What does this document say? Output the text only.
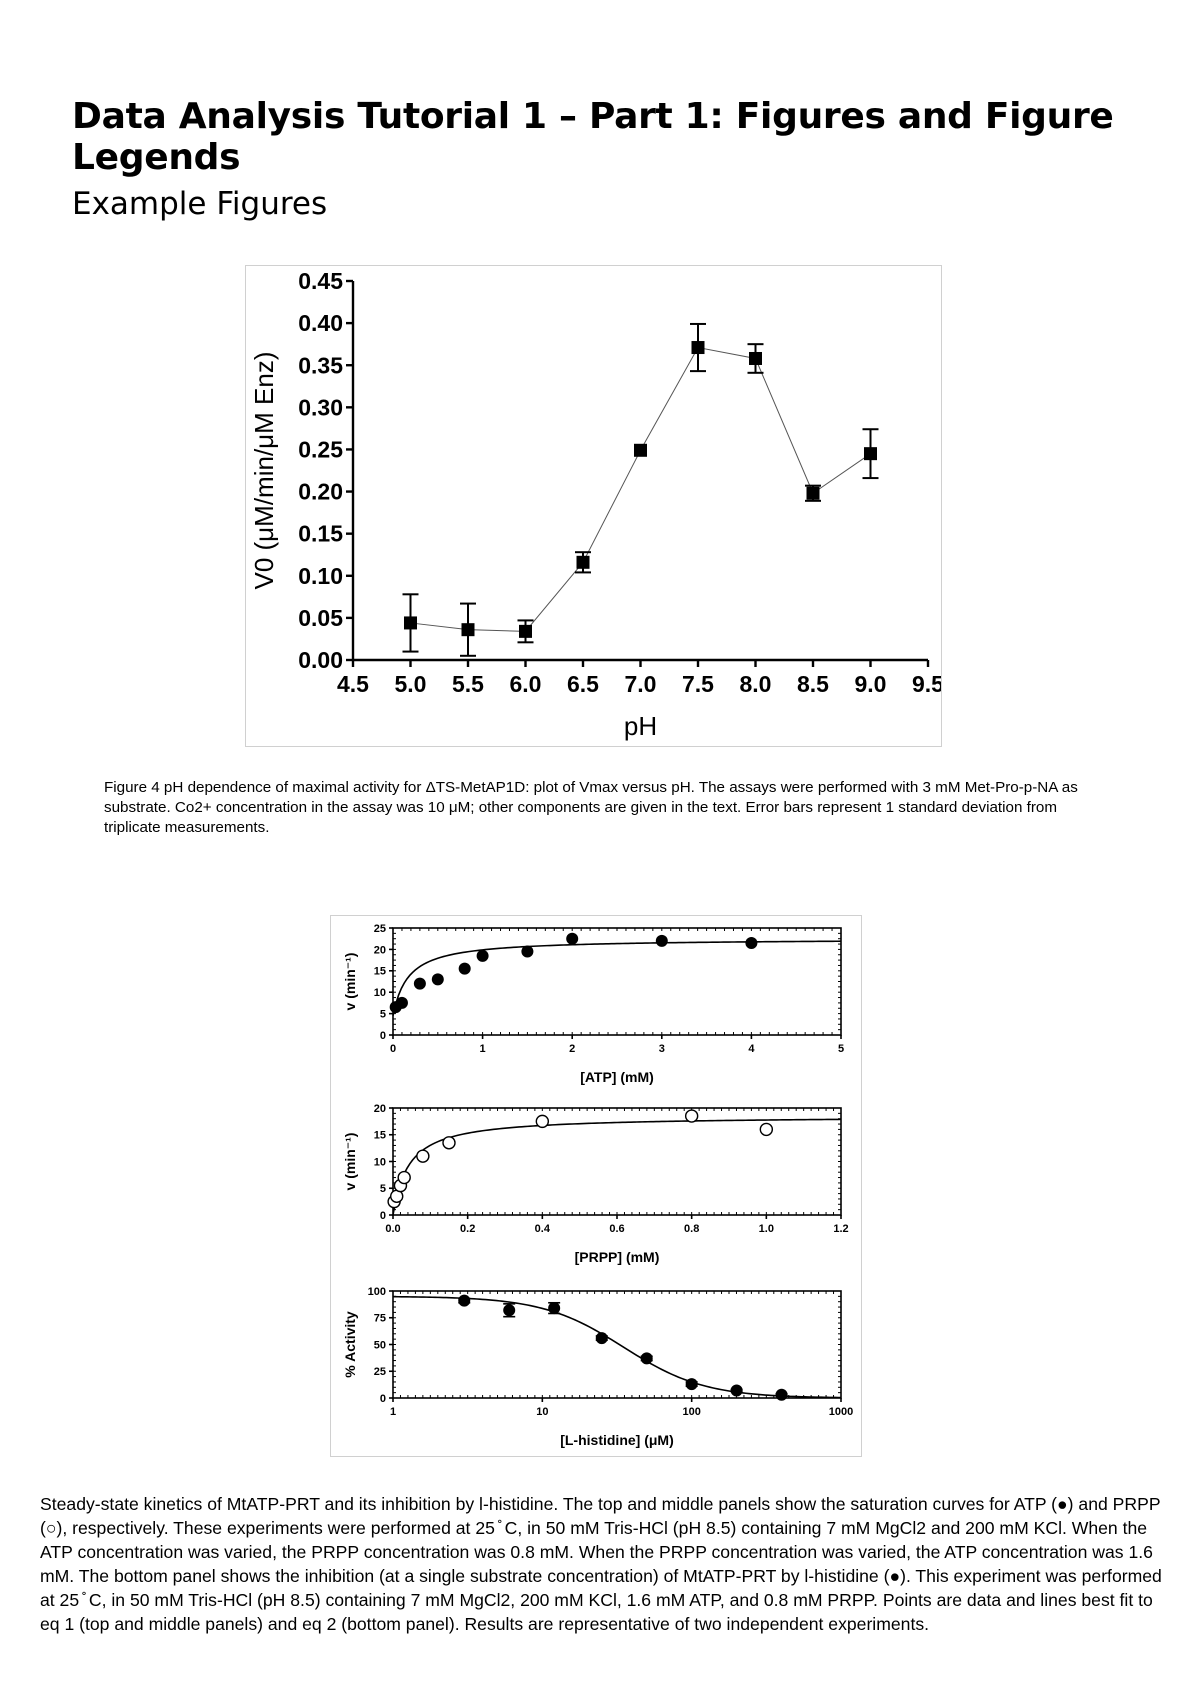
Data Analysis Tutorial 1 – Part 1: Figures and Figure Legends
Example Figures
0.00
0.05
0.10
0.15
0.20
0.25
0.30
0.35
0.40
0.45
4.5 5.0 5.5 6.0 6.5 7.0 7.5 8.0 8.5 9.0 9.5
pH
V0 (μM/min/μM Enz)

Figure 4 pH dependence of maximal activity for ΔTS-MetAP1D: plot of Vmax versus pH. The assays were performed with 3 mM Met-Pro-p-NA as substrate. Co2+ concentration in the assay was 10 μM; other components are given in the text. Error bars represent 1 standard deviation from triplicate measurements.

0
5
10
15
20
25
0	1	2	3	4	5
[ATP] (mM)
v (min⁻¹)
0
5
10
15
20
0.0	0.2	0.4	0.6	0.8	1.0	1.2
[PRPP] (mM)
v (min⁻¹)
0
25
50
75
100
1	10	100	1000
[L-histidine] (μM)
% Activity

Steady-state kinetics of MtATP-PRT and its inhibition by l-histidine. The top and middle panels show the saturation curves for ATP (●) and PRPP (○), respectively. These experiments were performed at 25 ̊ C, in 50 mM Tris-HCl (pH 8.5) containing 7 mM MgCl2 and 200 mM KCl. When the ATP concentration was varied, the PRPP concentration was 0.8 mM. When the PRPP concentration was varied, the ATP concentration was 1.6 mM. The bottom panel shows the inhibition (at a single substrate concentration) of MtATP-PRT by l-histidine (●). This experiment was performed at 25 ̊ C, in 50 mM Tris-HCl (pH 8.5) containing 7 mM MgCl2, 200 mM KCl, 1.6 mM ATP, and 0.8 mM PRPP. Points are data and lines best fit to eq 1 (top and middle panels) and eq 2 (bottom panel). Results are representative of two independent experiments.
